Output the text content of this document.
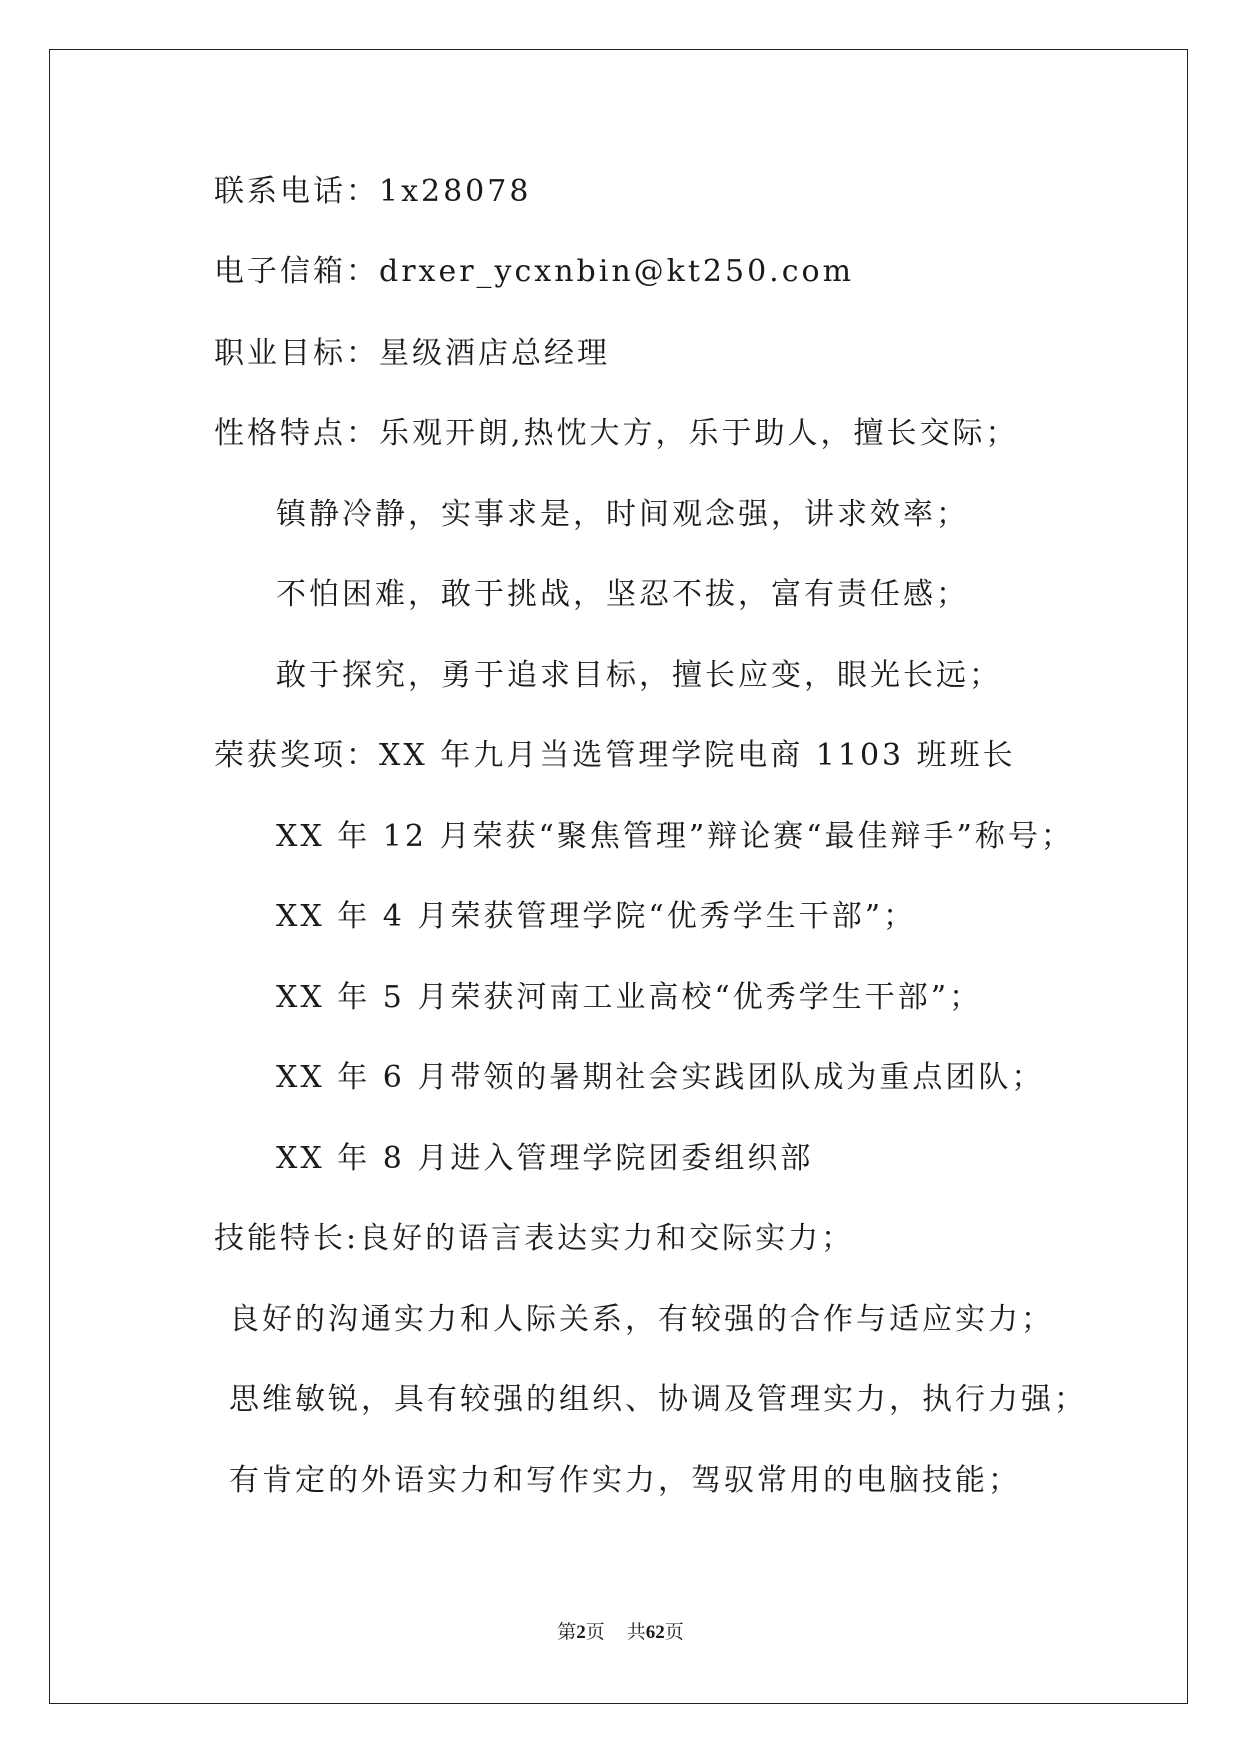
联系电话：1x28078
电子信箱：drxer_ycxnbin@kt250.com
职业目标：星级酒店总经理
性格特点：乐观开朗,热忱大方，乐于助人，擅长交际；
镇静冷静，实事求是，时间观念强，讲求效率；
不怕困难，敢于挑战，坚忍不拔，富有责任感；
敢于探究，勇于追求目标，擅长应变，眼光长远；
荣获奖项：XX 年九月当选管理学院电商 1103 班班长
XX 年 12 月荣获“聚焦管理”辩论赛“最佳辩手”称号；
XX 年 4 月荣获管理学院“优秀学生干部”；
XX 年 5 月荣获河南工业高校“优秀学生干部”；
XX 年 6 月带领的暑期社会实践团队成为重点团队；
XX 年 8 月进入管理学院团委组织部
技能特长:良好的语言表达实力和交际实力；
良好的沟通实力和人际关系，有较强的合作与适应实力；
思维敏锐，具有较强的组织、协调及管理实力，执行力强；
有肯定的外语实力和写作实力，驾驭常用的电脑技能；
第2页 共62页
